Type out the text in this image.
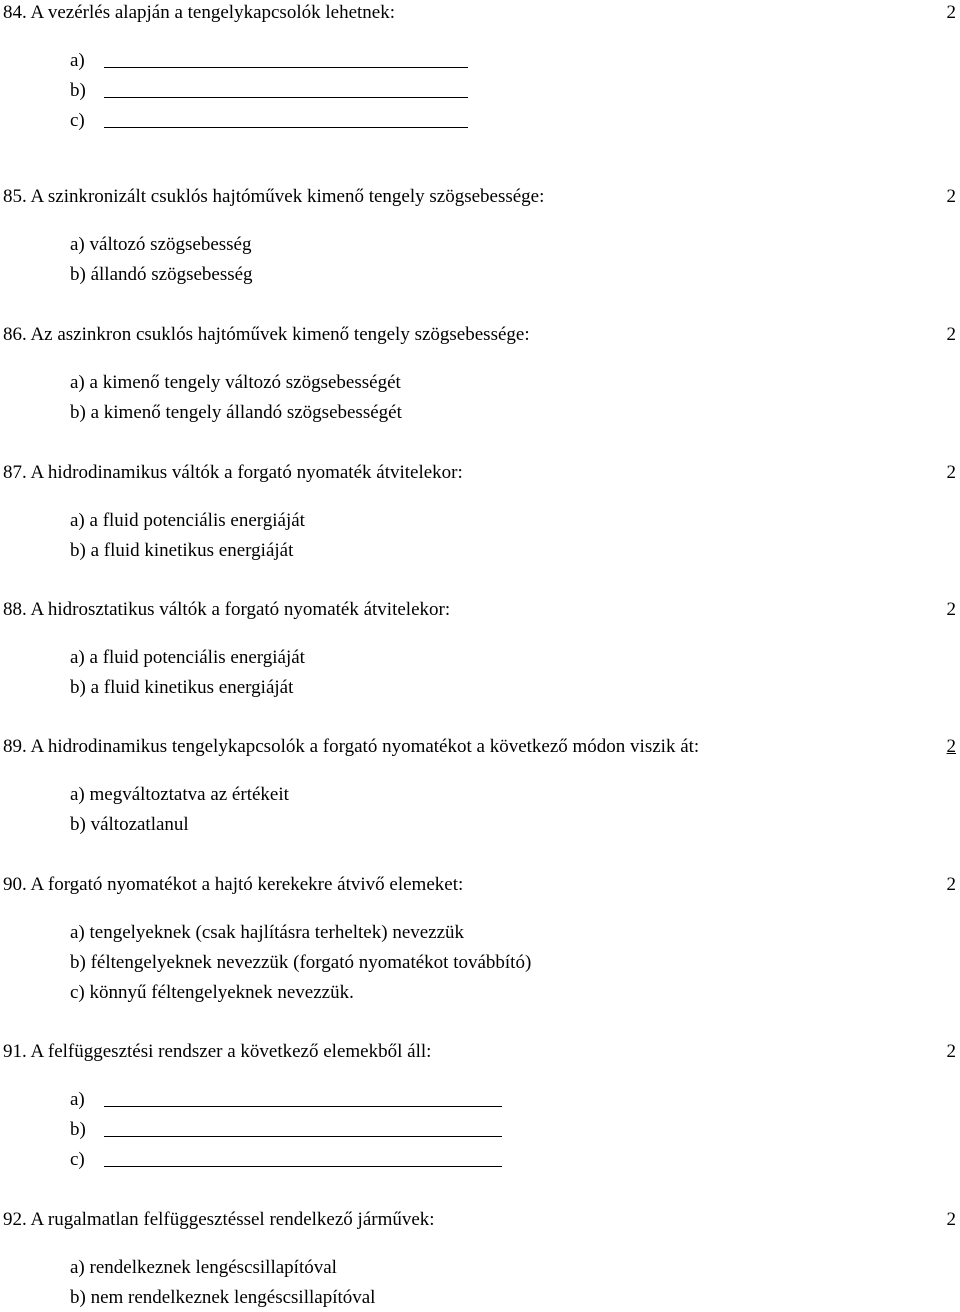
84. A vezérlés alapján a tengelykapcsolók lehetnek:	2
a)
b)
c)
85. A szinkronizált csuklós hajtóművek kimenő tengely szögsebessége:	2
a) változó szögsebesség
b) állandó szögsebesség
86. Az aszinkron csuklós hajtóművek kimenő tengely szögsebessége:	2
a) a kimenő tengely változó szögsebességét
b) a kimenő tengely állandó szögsebességét
87. A hidrodinamikus váltók a forgató nyomaték átvitelekor:	2
a) a fluid potenciális energiáját
b) a fluid kinetikus energiáját
88. A hidrosztatikus váltók a forgató nyomaték átvitelekor:	2
a) a fluid potenciális energiáját
b) a fluid kinetikus energiáját
89. A hidrodinamikus tengelykapcsolók a forgató nyomatékot a következő módon viszik át:	2
a) megváltoztatva az értékeit
b) változatlanul
90. A forgató nyomatékot a hajtó kerekekre átvivő elemeket:	2
a) tengelyeknek (csak hajlításra terheltek) nevezzük
b) féltengelyeknek nevezzük (forgató nyomatékot továbbító)
c) könnyű féltengelyeknek nevezzük.
91. A felfüggesztési rendszer a következő elemekből áll:	2
a)
b)
c)
92. A rugalmatlan felfüggesztéssel rendelkező járművek:	2
a) rendelkeznek lengéscsillapítóval
b) nem rendelkeznek lengéscsillapítóval
